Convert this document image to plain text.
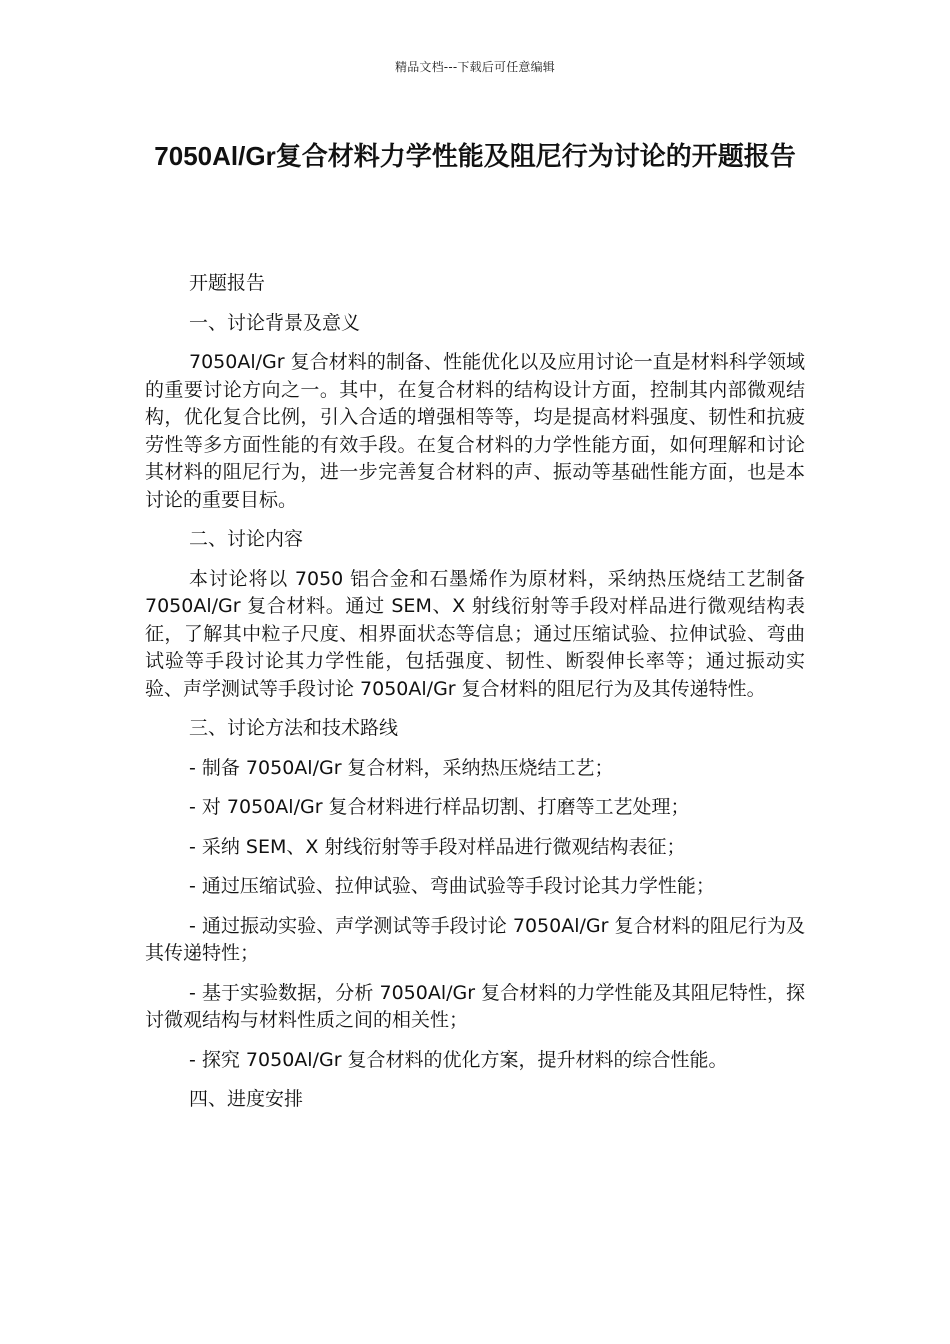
精品文档---下载后可任意编辑
7050Al/Gr复合材料力学性能及阻尼行为讨论的开题报告

开题报告

一、讨论背景及意义

7050Al/Gr 复合材料的制备、性能优化以及应用讨论一直是材料科学领域的重要讨论方向之一。其中，在复合材料的结构设计方面，控制其内部微观结构，优化复合比例，引入合适的增强相等等，均是提高材料强度、韧性和抗疲劳性等多方面性能的有效手段。在复合材料的力学性能方面，如何理解和讨论其材料的阻尼行为，进一步完善复合材料的声、振动等基础性能方面，也是本讨论的重要目标。

二、讨论内容

本讨论将以 7050 铝合金和石墨烯作为原材料，采纳热压烧结工艺制备 7050Al/Gr 复合材料。通过 SEM、X 射线衍射等手段对样品进行微观结构表征，了解其中粒子尺度、相界面状态等信息；通过压缩试验、拉伸试验、弯曲试验等手段讨论其力学性能，包括强度、韧性、断裂伸长率等；通过振动实验、声学测试等手段讨论 7050Al/Gr 复合材料的阻尼行为及其传递特性。

三、讨论方法和技术路线

- 制备 7050Al/Gr 复合材料，采纳热压烧结工艺；

- 对 7050Al/Gr 复合材料进行样品切割、打磨等工艺处理；

- 采纳 SEM、X 射线衍射等手段对样品进行微观结构表征；

- 通过压缩试验、拉伸试验、弯曲试验等手段讨论其力学性能；

- 通过振动实验、声学测试等手段讨论 7050Al/Gr 复合材料的阻尼行为及其传递特性；

- 基于实验数据，分析 7050Al/Gr 复合材料的力学性能及其阻尼特性，探讨微观结构与材料性质之间的相关性；

- 探究 7050Al/Gr 复合材料的优化方案，提升材料的综合性能。

四、进度安排
